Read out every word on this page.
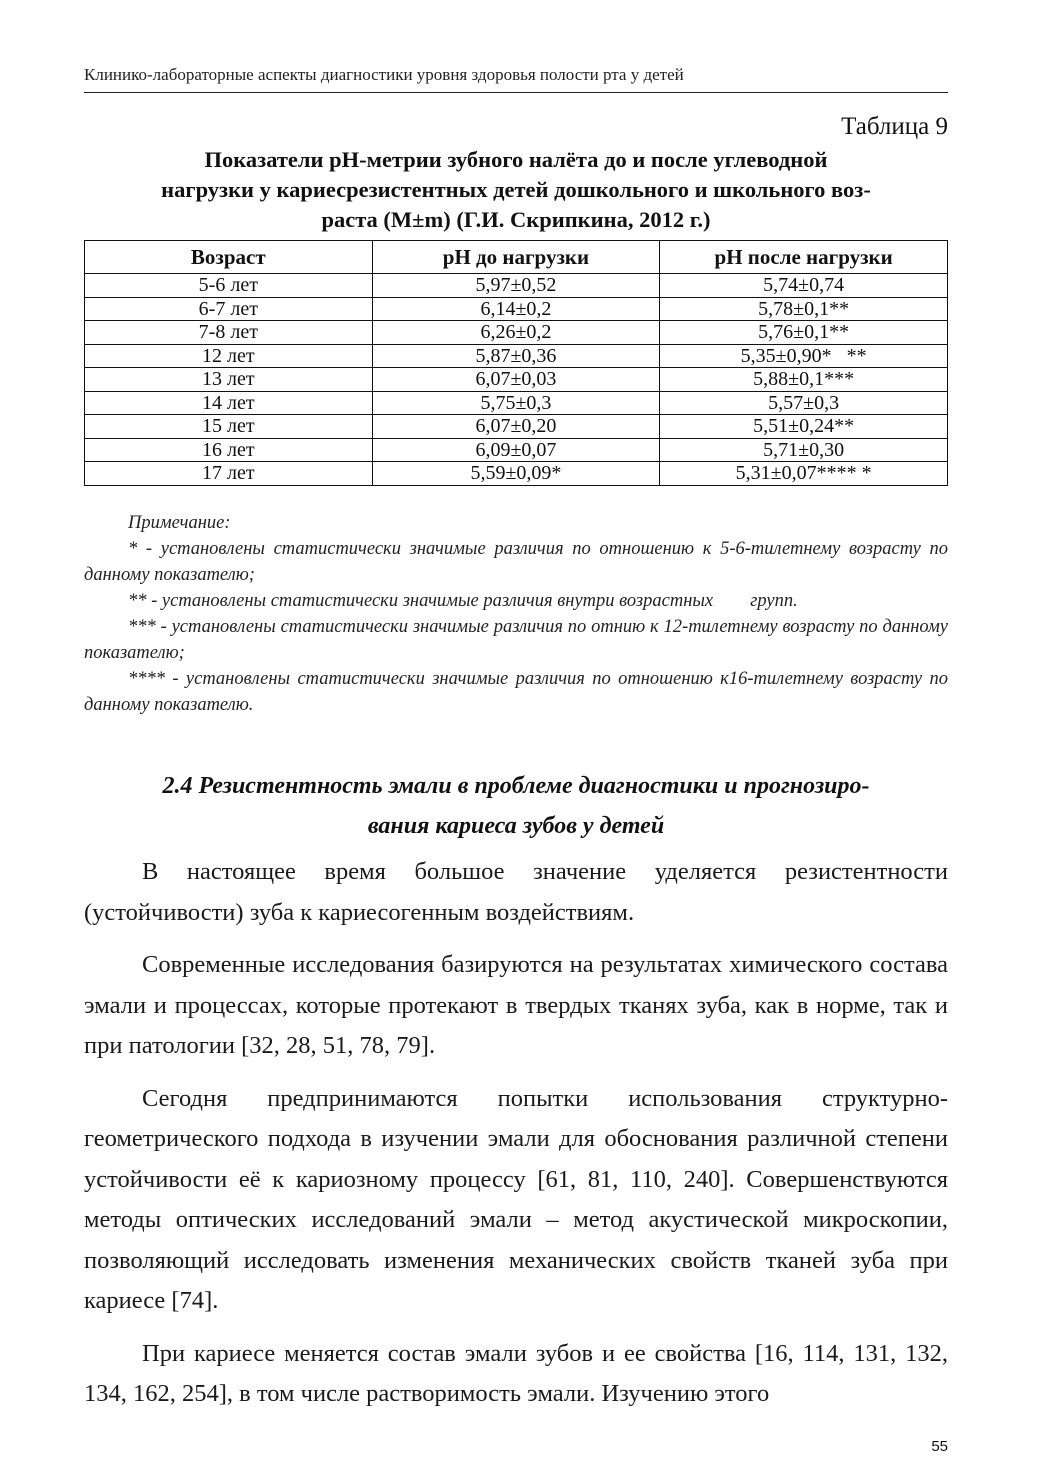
Клинико-лабораторные аспекты диагностики уровня здоровья полости рта у детей
Таблица 9
Показатели pH-метрии зубного налёта до и после углеводной
нагрузки у кариесрезистентных детей дошкольного и школьного воз-
раста (M±m) (Г.И. Скрипкина, 2012 г.)
Возраст	pH до нагрузки	pH после нагрузки
5-6 лет	5,97±0,52	5,74±0,74
6-7 лет	6,14±0,2	5,78±0,1**
7-8 лет	6,26±0,2	5,76±0,1**
12 лет	5,87±0,36	5,35±0,90*   **
13 лет	6,07±0,03	5,88±0,1***
14 лет	5,75±0,3	5,57±0,3
15 лет	6,07±0,20	5,51±0,24**
16 лет	6,09±0,07	5,71±0,30
17 лет	5,59±0,09*	5,31±0,07**** *

Примечание:

* - установлены статистически значимые различия по отношению к 5-6-тилетнему возрасту по данному показателю;

** - установлены статистически значимые различия внутри возрастных        групп.

*** - установлены статистически значимые различия по отнию к 12-тилетнему возрасту по данному показателю;

**** - установлены статистически значимые различия по отношению к16-тилетнему возрасту по данному показателю.

2.4 Резистентность эмали в проблеме диагностики и прогнозиро-
вания кариеса зубов у детей

В настоящее время большое значение уделяется резистентности (устойчивости) зуба к кариесогенным воздействиям.

Современные исследования базируются на результатах химического состава эмали и процессах, которые протекают в твердых тканях зуба, как в норме, так и при патологии [32, 28, 51, 78, 79].

Сегодня предпринимаются попытки использования структурно-геометрического подхода в изучении эмали для обоснования различной степени устойчивости её к кариозному процессу [61, 81, 110, 240]. Совершенствуются методы оптических исследований эмали – метод акустической микроскопии, позволяющий исследовать изменения механических свойств тканей зуба при кариесе [74].

При кариесе меняется состав эмали зубов и ее свойства [16, 114, 131, 132, 134, 162, 254], в том числе растворимость эмали. Изучению этого

55
